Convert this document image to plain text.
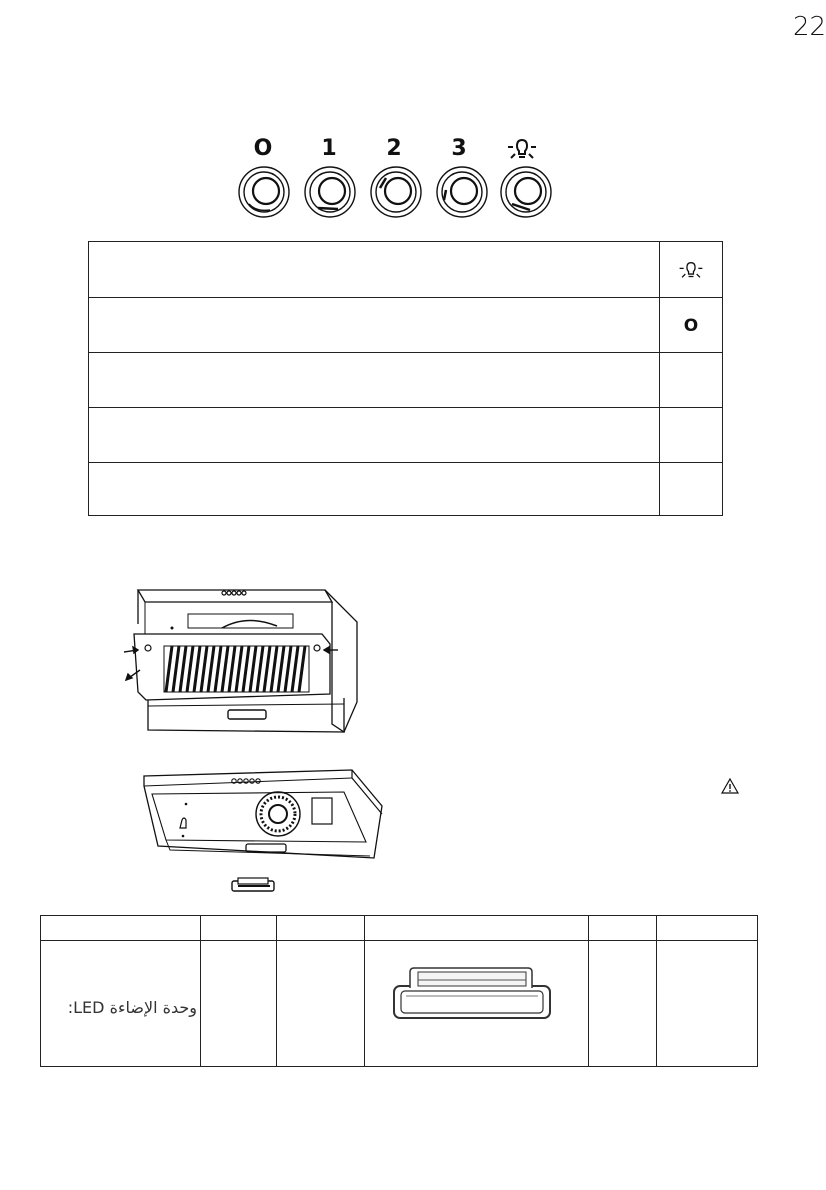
22
O	1	2	3
O
وحدة الإضاءة LED:
